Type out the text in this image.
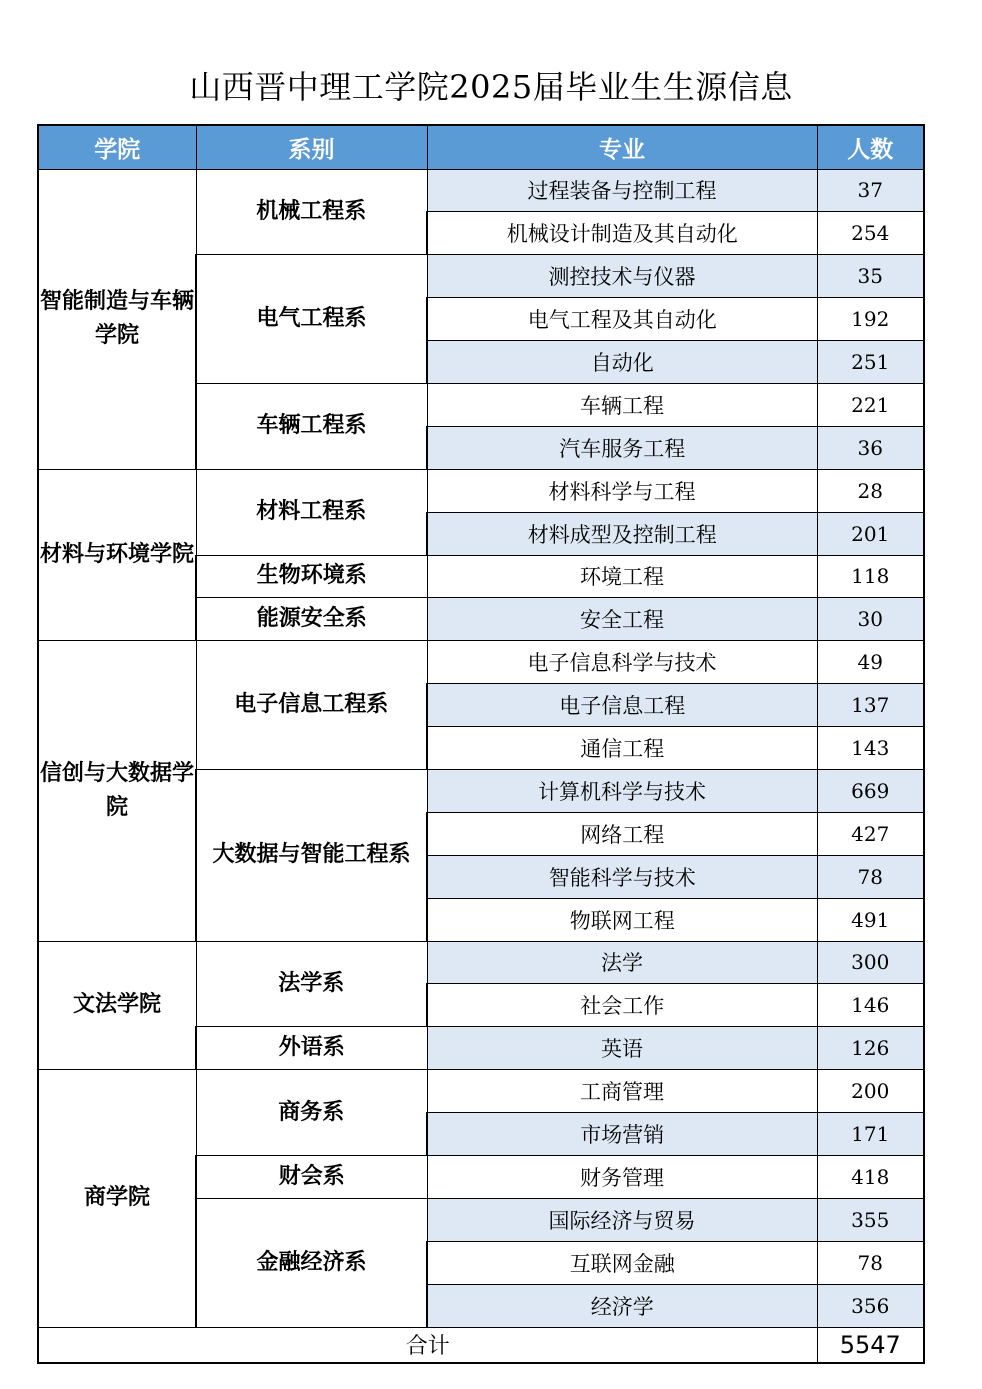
山西晋中理工学院2025届毕业生生源信息
学院	系别	专业	人数
智能制造与车辆学院	机械工程系	过程装备与控制工程	37
		机械设计制造及其自动化	254
	电气工程系	测控技术与仪器	35
		电气工程及其自动化	192
		自动化	251
	车辆工程系	车辆工程	221
		汽车服务工程	36
材料与环境学院	材料工程系	材料科学与工程	28
		材料成型及控制工程	201
	生物环境系	环境工程	118
	能源安全系	安全工程	30
信创与大数据学院	电子信息工程系	电子信息科学与技术	49
		电子信息工程	137
		通信工程	143
	大数据与智能工程系	计算机科学与技术	669
		网络工程	427
		智能科学与技术	78
		物联网工程	491
文法学院	法学系	法学	300
		社会工作	146
	外语系	英语	126
商学院	商务系	工商管理	200
		市场营销	171
	财会系	财务管理	418
	金融经济系	国际经济与贸易	355
		互联网金融	78
		经济学	356
合计			5547
